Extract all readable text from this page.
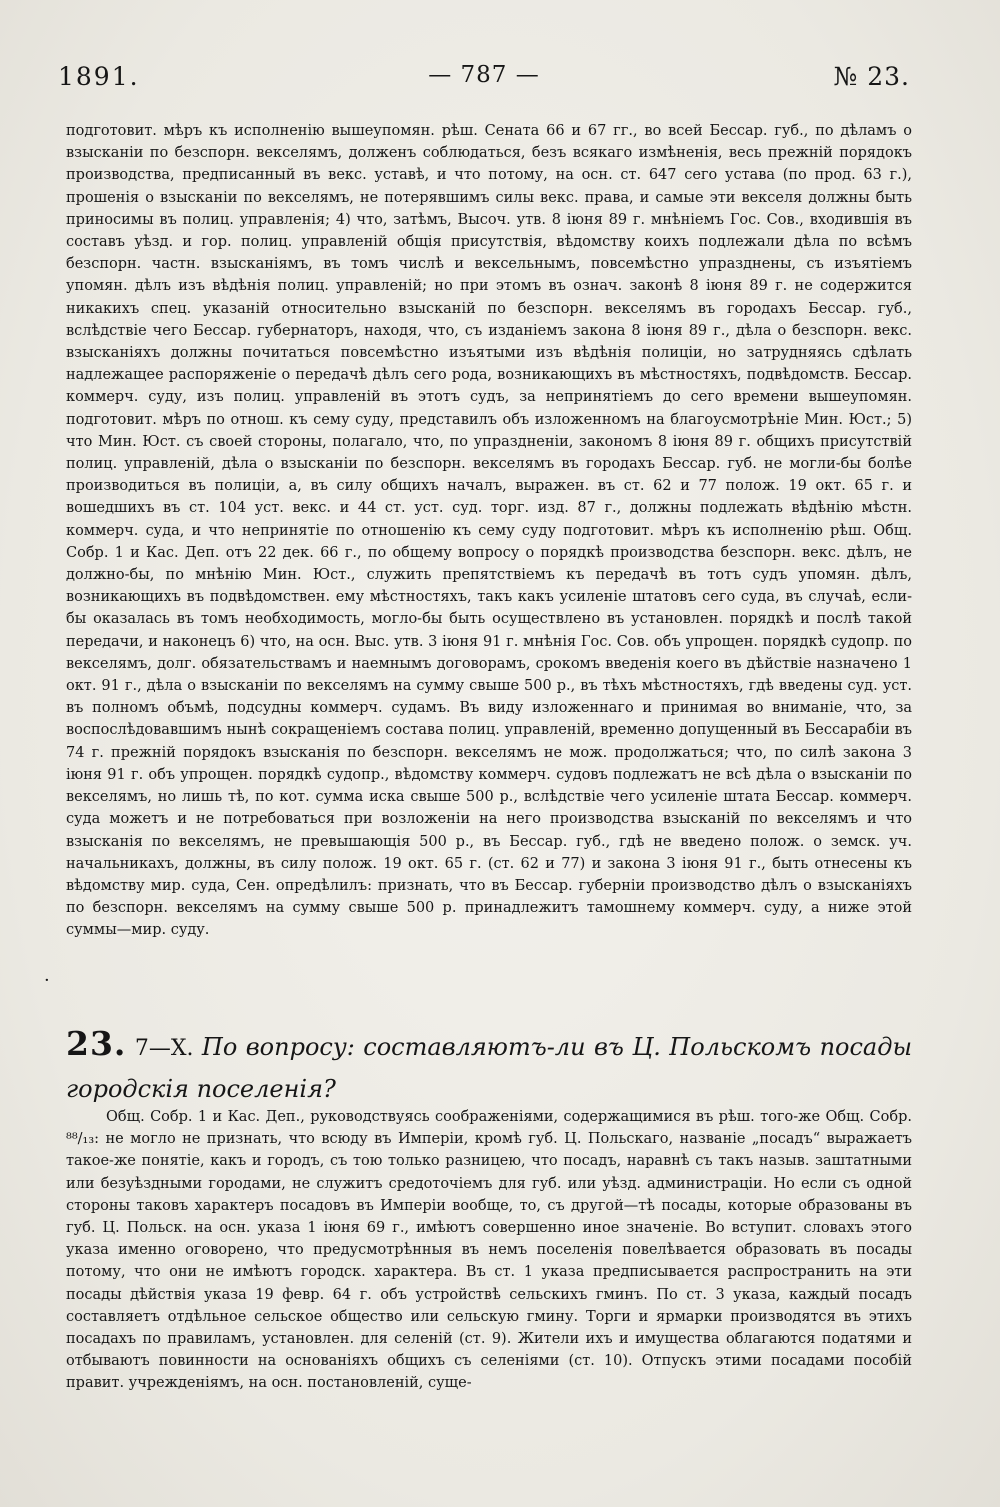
1891.	— 787 —	№ 23.

подготовит. мѣръ къ исполненію вышеупомян. рѣш. Сената 66 и 67 гг., во всей Бессар. губ., по дѣламъ о взысканіи по безспорн. векселямъ, долженъ соблюдаться, безъ всякаго измѣненія, весь прежній порядокъ производства, предписанный въ векс. уставѣ, и что потому, на осн. ст. 647 сего устава (по прод. 63 г.), прошенія о взысканіи по векселямъ, не потерявшимъ силы векс. права, и самые эти векселя должны быть приносимы въ полиц. управленія; 4) что, затѣмъ, Высоч. утв. 8 іюня 89 г. мнѣніемъ Гос. Сов., входившія въ составъ уѣзд. и гор. полиц. управленій общія присутствія, вѣдомству коихъ подлежали дѣла по всѣмъ безспорн. частн. взысканіямъ, въ томъ числѣ и вексельнымъ, повсемѣстно упразднены, съ изъятіемъ упомян. дѣлъ изъ вѣдѣнія полиц. управленій; но при этомъ въ означ. законѣ 8 іюня 89 г. не содержится никакихъ спец. указаній относительно взысканій по безспорн. векселямъ въ городахъ Бессар. губ., вслѣдствіе чего Бессар. губернаторъ, находя, что, съ изданіемъ закона 8 іюня 89 г., дѣла о безспорн. векс. взысканіяхъ должны почитаться повсемѣстно изъятыми изъ вѣдѣнія полиціи, но затрудняясь сдѣлать надлежащее распоряженіе о передачѣ дѣлъ сего рода, возникающихъ въ мѣстностяхъ, подвѣдомств. Бессар. коммерч. суду, изъ полиц. управленій въ этотъ судъ, за непринятіемъ до сего времени вышеупомян. подготовит. мѣръ по отнош. къ сему суду, представилъ объ изложенномъ на благоусмотрѣніе Мин. Юст.; 5) что Мин. Юст. съ своей стороны, полагало, что, по упраздненіи, закономъ 8 іюня 89 г. общихъ присутствій полиц. управленій, дѣла о взысканіи по безспорн. векселямъ въ городахъ Бессар. губ. не могли-бы болѣе производиться въ полиціи, а, въ силу общихъ началъ, выражен. въ ст. 62 и 77 полож. 19 окт. 65 г. и вошедшихъ въ ст. 104 уст. векс. и 44 ст. уст. суд. торг. изд. 87 г., должны подлежать вѣдѣнію мѣстн. коммерч. суда, и что непринятіе по отношенію къ сему суду подготовит. мѣръ къ исполненію рѣш. Общ. Собр. 1 и Кас. Деп. отъ 22 дек. 66 г., по общему вопросу о порядкѣ производства безспорн. векс. дѣлъ, не должно-бы, по мнѣнію Мин. Юст., служить препятствіемъ къ передачѣ въ тотъ судъ упомян. дѣлъ, возникающихъ въ подвѣдомствен. ему мѣстностяхъ, такъ какъ усиленіе штатовъ сего суда, въ случаѣ, если-бы оказалась въ томъ необходимость, могло-бы быть осуществлено въ установлен. порядкѣ и послѣ такой передачи, и наконецъ 6) что, на осн. Выс. утв. 3 іюня 91 г. мнѣнія Гос. Сов. объ упрощен. порядкѣ судопр. по векселямъ, долг. обязательствамъ и наемнымъ договорамъ, срокомъ введенія коего въ дѣйствіе назначено 1 окт. 91 г., дѣла о взысканіи по векселямъ на сумму свыше 500 р., въ тѣхъ мѣстностяхъ, гдѣ введены суд. уст. въ полномъ объмѣ, подсудны коммерч. судамъ. Въ виду изложеннаго и принимая во вниманіе, что, за воспослѣдовавшимъ нынѣ сокращеніемъ состава полиц. управленій, временно допущенный въ Бессарабіи въ 74 г. прежній порядокъ взысканія по безспорн. векселямъ не мож. продолжаться; что, по силѣ закона 3 іюня 91 г. объ упрощен. порядкѣ судопр., вѣдомству коммерч. судовъ подлежатъ не всѣ дѣла о взысканіи по векселямъ, но лишь тѣ, по кот. сумма иска свыше 500 р., вслѣдствіе чего усиленіе штата Бессар. коммерч. суда можетъ и не потребоваться при возложеніи на него производства взысканій по векселямъ и что взысканія по векселямъ, не превышающія 500 р., въ Бессар. губ., гдѣ не введено полож. о земск. уч. начальникахъ, должны, въ силу полож. 19 окт. 65 г. (ст. 62 и 77) и закона 3 іюня 91 г., быть отнесены къ вѣдомству мир. суда, Сен. опредѣлилъ: признать, что въ Бессар. губерніи производство дѣлъ о взысканіяхъ по безспорн. векселямъ на сумму свыше 500 р. принадлежитъ тамошнему коммерч. суду, а ниже этой суммы—мир. суду.

·
23. 7—X. По вопросу: составляютъ-ли въ Ц. Польскомъ посады городскія поселенія?

Общ. Собр. 1 и Кас. Деп., руководствуясь соображеніями, содержащимися въ рѣш. того-же Общ. Собр. ⁸⁸/₁₃: не могло не признать, что всюду въ Имперіи, кромѣ губ. Ц. Польскаго, названіе „посадъ“ выражаетъ такое-же понятіе, какъ и городъ, съ тою только разницею, что посадъ, наравнѣ съ такъ назыв. заштатными или безуѣздными городами, не служитъ средоточіемъ для губ. или уѣзд. администраціи. Но если съ одной стороны таковъ характеръ посадовъ въ Имперіи вообще, то, съ другой—тѣ посады, которые образованы въ губ. Ц. Польск. на осн. указа 1 іюня 69 г., имѣютъ совершенно иное значеніе. Во вступит. словахъ этого указа именно оговорено, что предусмотрѣнныя въ немъ поселенія повелѣвается образовать въ посады потому, что они не имѣютъ городск. характера. Въ ст. 1 указа предписывается распространить на эти посады дѣйствія указа 19 февр. 64 г. объ устройствѣ сельскихъ гминъ. По ст. 3 указа, каждый посадъ составляетъ отдѣльное сельское общество или сельскую гмину. Торги и ярмарки производятся въ этихъ посадахъ по правиламъ, установлен. для селеній (ст. 9). Жители ихъ и имущества облагаются податями и отбываютъ повинности на основаніяхъ общихъ съ селеніями (ст. 10). Отпускъ этими посадами пособій правит. учрежденіямъ, на осн. постановленій, суще-
